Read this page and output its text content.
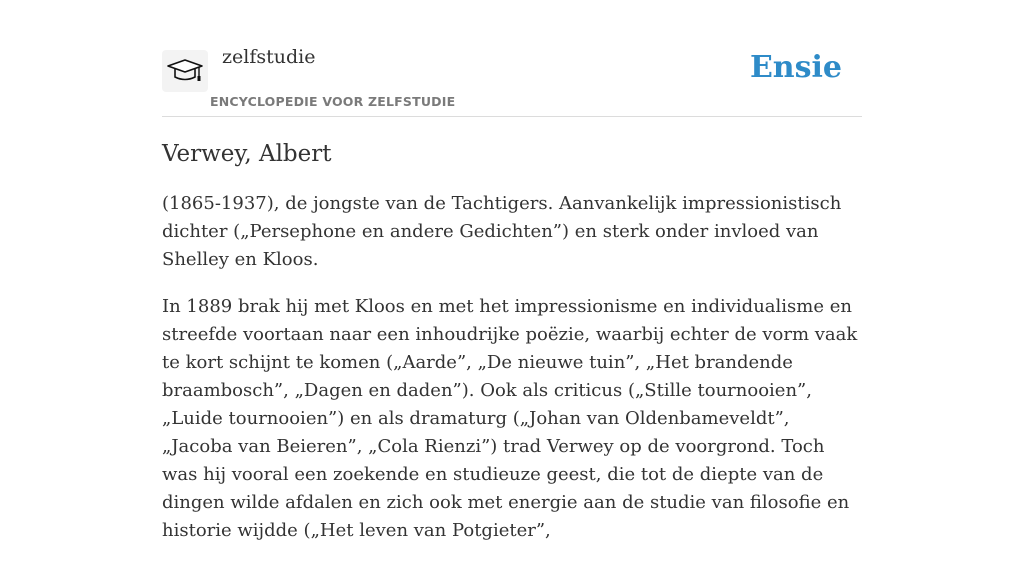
zelfstudie
ENCYCLOPEDIE VOOR ZELFSTUDIE
Ensie
Verwey, Albert

(1865-1937), de jongste van de Tachtigers. Aanvankelijk impressionistisch dichter („Persephone en andere Gedichten”) en sterk onder invloed van Shelley en Kloos.

In 1889 brak hij met Kloos en met het impressionisme en individualisme en streefde voortaan naar een inhoudrijke poëzie, waarbij echter de vorm vaak te kort schijnt te komen („Aarde”, „De nieuwe tuin”, „Het brandende braambosch”, „Dagen en daden”). Ook als criticus („Stille tournooien”, „Luide tournooien”) en als dramaturg („Johan van Oldenbameveldt”, „Jacoba van Beieren”, „Cola Rienzi”) trad Verwey op de voorgrond. Toch was hij vooral een zoekende en studieuze geest, die tot de diepte van de dingen wilde afdalen en zich ook met energie aan de studie van filosofie en historie wijdde („Het leven van Potgieter”,
